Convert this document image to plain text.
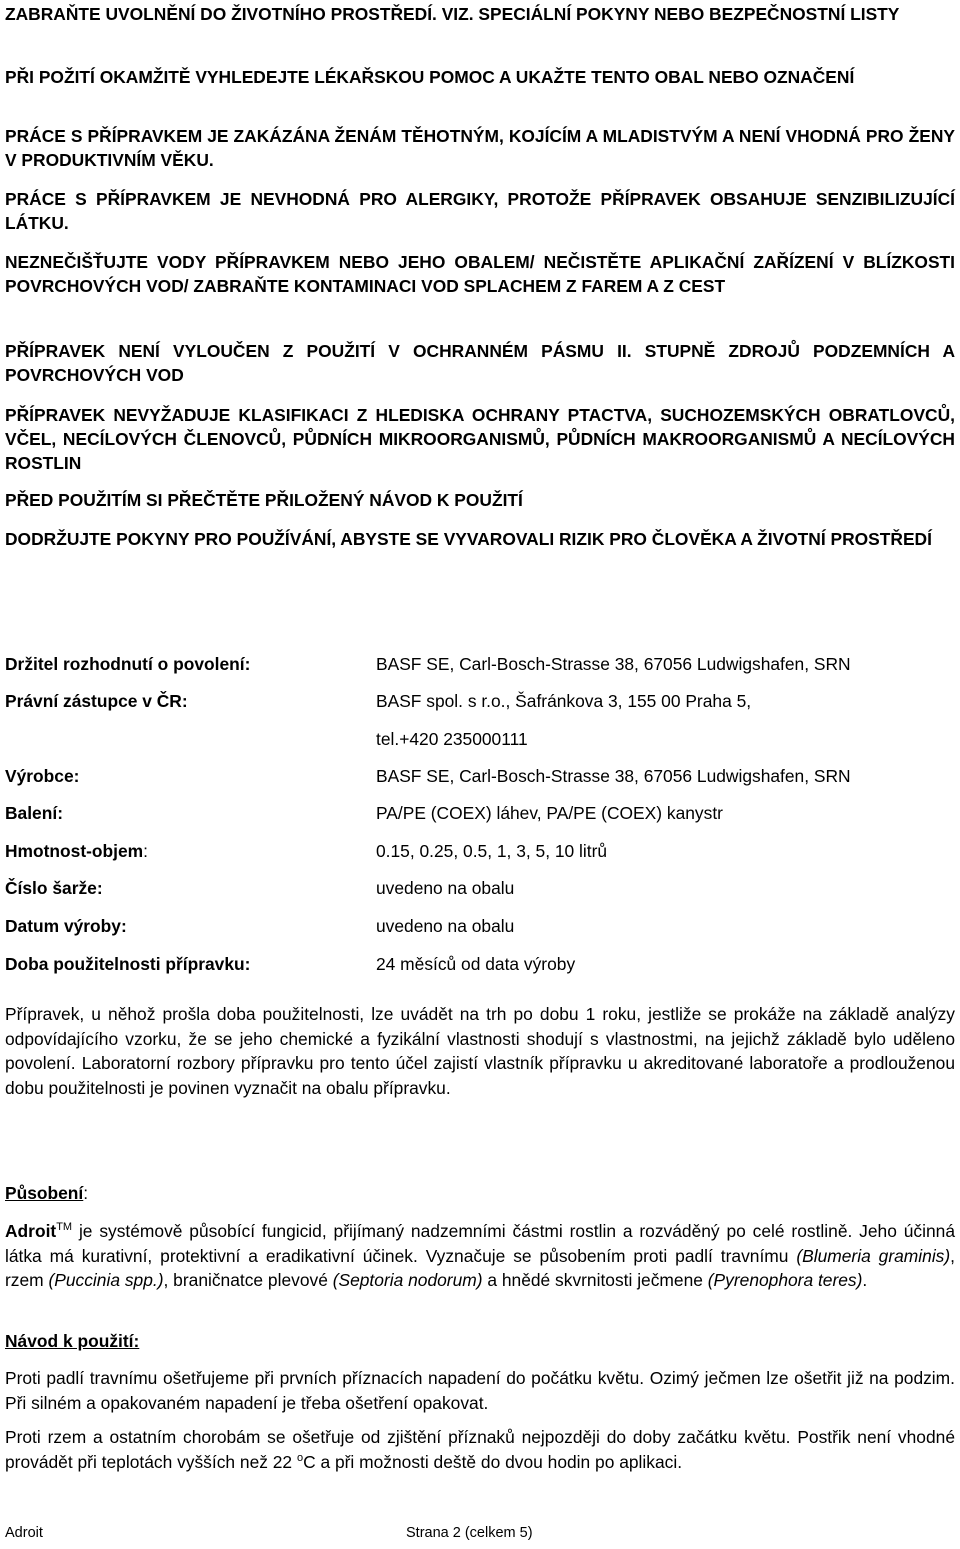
ZABRAŇTE UVOLNĚNÍ DO ŽIVOTNÍHO PROSTŘEDÍ. VIZ. SPECIÁLNÍ POKYNY NEBO BEZPEČNOSTNÍ LISTY

PŘI POŽITÍ OKAMŽITĚ VYHLEDEJTE LÉKAŘSKOU POMOC A UKAŽTE TENTO OBAL NEBO OZNAČENÍ

PRÁCE S PŘÍPRAVKEM JE ZAKÁZÁNA ŽENÁM TĚHOTNÝM, KOJÍCÍM A MLADISTVÝM A NENÍ VHODNÁ PRO ŽENY V PRODUKTIVNÍM VĚKU.

PRÁCE S PŘÍPRAVKEM JE NEVHODNÁ PRO ALERGIKY, PROTOŽE PŘÍPRAVEK OBSAHUJE SENZIBILIZUJÍCÍ LÁTKU.

NEZNEČIŠŤUJTE VODY PŘÍPRAVKEM NEBO JEHO OBALEM/ NEČISTĚTE APLIKAČNÍ ZAŘÍZENÍ V BLÍZKOSTI POVRCHOVÝCH VOD/ ZABRAŇTE KONTAMINACI VOD SPLACHEM Z FAREM A Z CEST

PŘÍPRAVEK NENÍ VYLOUČEN Z POUŽITÍ V OCHRANNÉM PÁSMU II. STUPNĚ ZDROJŮ PODZEMNÍCH A POVRCHOVÝCH VOD

PŘÍPRAVEK NEVYŽADUJE KLASIFIKACI Z HLEDISKA OCHRANY PTACTVA, SUCHOZEMSKÝCH OBRATLOVCŮ, VČEL, NECÍLOVÝCH ČLENOVCŮ, PŮDNÍCH MIKROORGANISMŮ, PŮDNÍCH MAKROORGANISMŮ A NECÍLOVÝCH ROSTLIN

PŘED POUŽITÍM SI PŘEČTĚTE PŘILOŽENÝ NÁVOD K POUŽITÍ

DODRŽUJTE POKYNY PRO POUŽÍVÁNÍ, ABYSTE SE VYVAROVALI RIZIK PRO ČLOVĚKA A ŽIVOTNÍ PROSTŘEDÍ

Držitel rozhodnutí o povolení:	BASF SE, Carl-Bosch-Strasse 38, 67056 Ludwigshafen, SRN
Právní zástupce v ČR:	BASF spol. s r.o., Šafránkova 3, 155 00 Praha 5,
tel.+420 235000111
Výrobce:	BASF SE, Carl-Bosch-Strasse 38, 67056 Ludwigshafen, SRN
Balení:	PA/PE (COEX) láhev, PA/PE (COEX) kanystr
Hmotnost-objem:	0.15, 0.25, 0.5, 1, 3, 5, 10 litrů
Číslo šarže:	uvedeno na obalu
Datum výroby:	uvedeno na obalu
Doba použitelnosti přípravku:	24 měsíců od data výroby

Přípravek, u něhož prošla doba použitelnosti, lze uvádět na trh po dobu 1 roku, jestliže se prokáže na základě analýzy odpovídajícího vzorku, že se jeho chemické a fyzikální vlastnosti shodují s vlastnostmi, na jejichž základě bylo uděleno povolení. Laboratorní rozbory přípravku pro tento účel zajistí vlastník přípravku u akreditované laboratoře a prodlouženou dobu použitelnosti je povinen vyznačit na obalu přípravku.

Působení:

Adroit™ je systémově působící fungicid, přijímaný nadzemními částmi rostlin a rozváděný po celé rostlině. Jeho účinná látka má kurativní, protektivní a eradikativní účinek. Vyznačuje se působením proti padlí travnímu (Blumeria graminis), rzem (Puccinia spp.), braničnatce plevové (Septoria nodorum) a hnědé skvrnitosti ječmene (Pyrenophora teres).

Návod k použití:

Proti padlí travnímu ošetřujeme při prvních příznacích napadení do počátku květu. Ozimý ječmen lze ošetřit již na podzim. Při silném a opakovaném napadení je třeba ošetření opakovat.

Proti rzem a ostatním chorobám se ošetřuje od zjištění příznaků nejpozději do doby začátku květu. Postřik není vhodné provádět při teplotách vyšších než 22 $^o$C a při možnosti deště do dvou hodin po aplikaci.

Adroit	Strana 2 (celkem 5)
